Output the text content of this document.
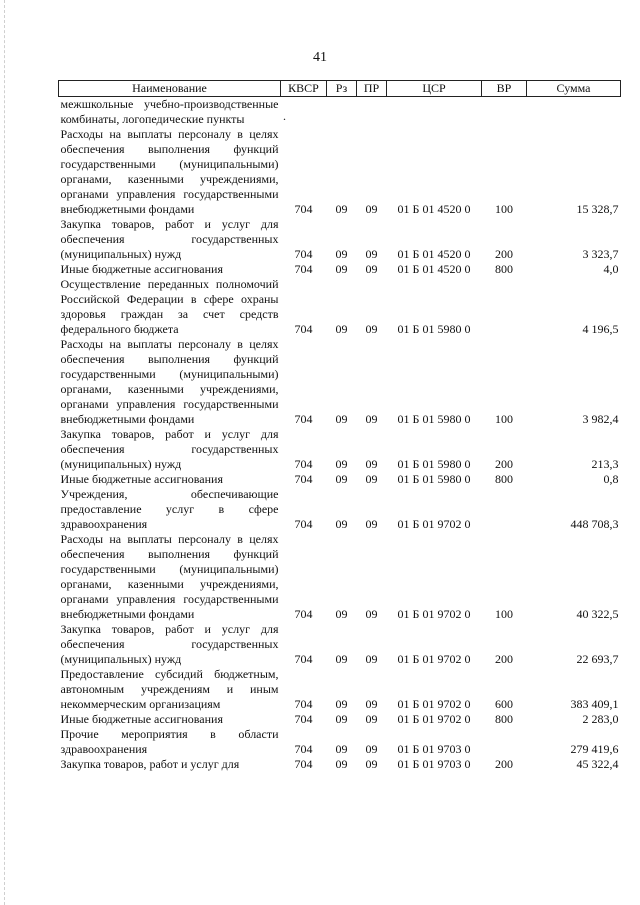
41
Наименование	КВСР	Рз	ПР	ЦСР	ВР	Сумма
межшкольные учебно-производственные комбинаты, логопедические пункты	·					
Расходы на выплаты персоналу в целях обеспечения выполнения функций государственными (муниципальными) органами, казенными учреждениями, органами управления государственными внебюджетными фондами	704	09	09	01 Б 01 4520 0	100	15 328,7
Закупка товаров, работ и услуг для обеспечения государственных (муниципальных) нужд	704	09	09	01 Б 01 4520 0	200	3 323,7
Иные бюджетные ассигнования	704	09	09	01 Б 01 4520 0	800	4,0
Осуществление переданных полномочий Российской Федерации в сфере охраны здоровья граждан за счет средств федерального бюджета	704	09	09	01 Б 01 5980 0		4 196,5
Расходы на выплаты персоналу в целях обеспечения выполнения функций государственными (муниципальными) органами, казенными учреждениями, органами управления государственными внебюджетными фондами	704	09	09	01 Б 01 5980 0	100	3 982,4
Закупка товаров, работ и услуг для обеспечения государственных (муниципальных) нужд	704	09	09	01 Б 01 5980 0	200	213,3
Иные бюджетные ассигнования	704	09	09	01 Б 01 5980 0	800	0,8
Учреждения, обеспечивающие предоставление услуг в сфере здравоохранения	704	09	09	01 Б 01 9702 0		448 708,3
Расходы на выплаты персоналу в целях обеспечения выполнения функций государственными (муниципальными) органами, казенными учреждениями, органами управления государственными внебюджетными фондами	704	09	09	01 Б 01 9702 0	100	40 322,5
Закупка товаров, работ и услуг для обеспечения государственных (муниципальных) нужд	704	09	09	01 Б 01 9702 0	200	22 693,7
Предоставление субсидий бюджетным, автономным учреждениям и иным некоммерческим организациям	704	09	09	01 Б 01 9702 0	600	383 409,1
Иные бюджетные ассигнования	704	09	09	01 Б 01 9702 0	800	2 283,0
Прочие мероприятия в области здравоохранения	704	09	09	01 Б 01 9703 0		279 419,6
Закупка товаров, работ и услуг для	704	09	09	01 Б 01 9703 0	200	45 322,4
